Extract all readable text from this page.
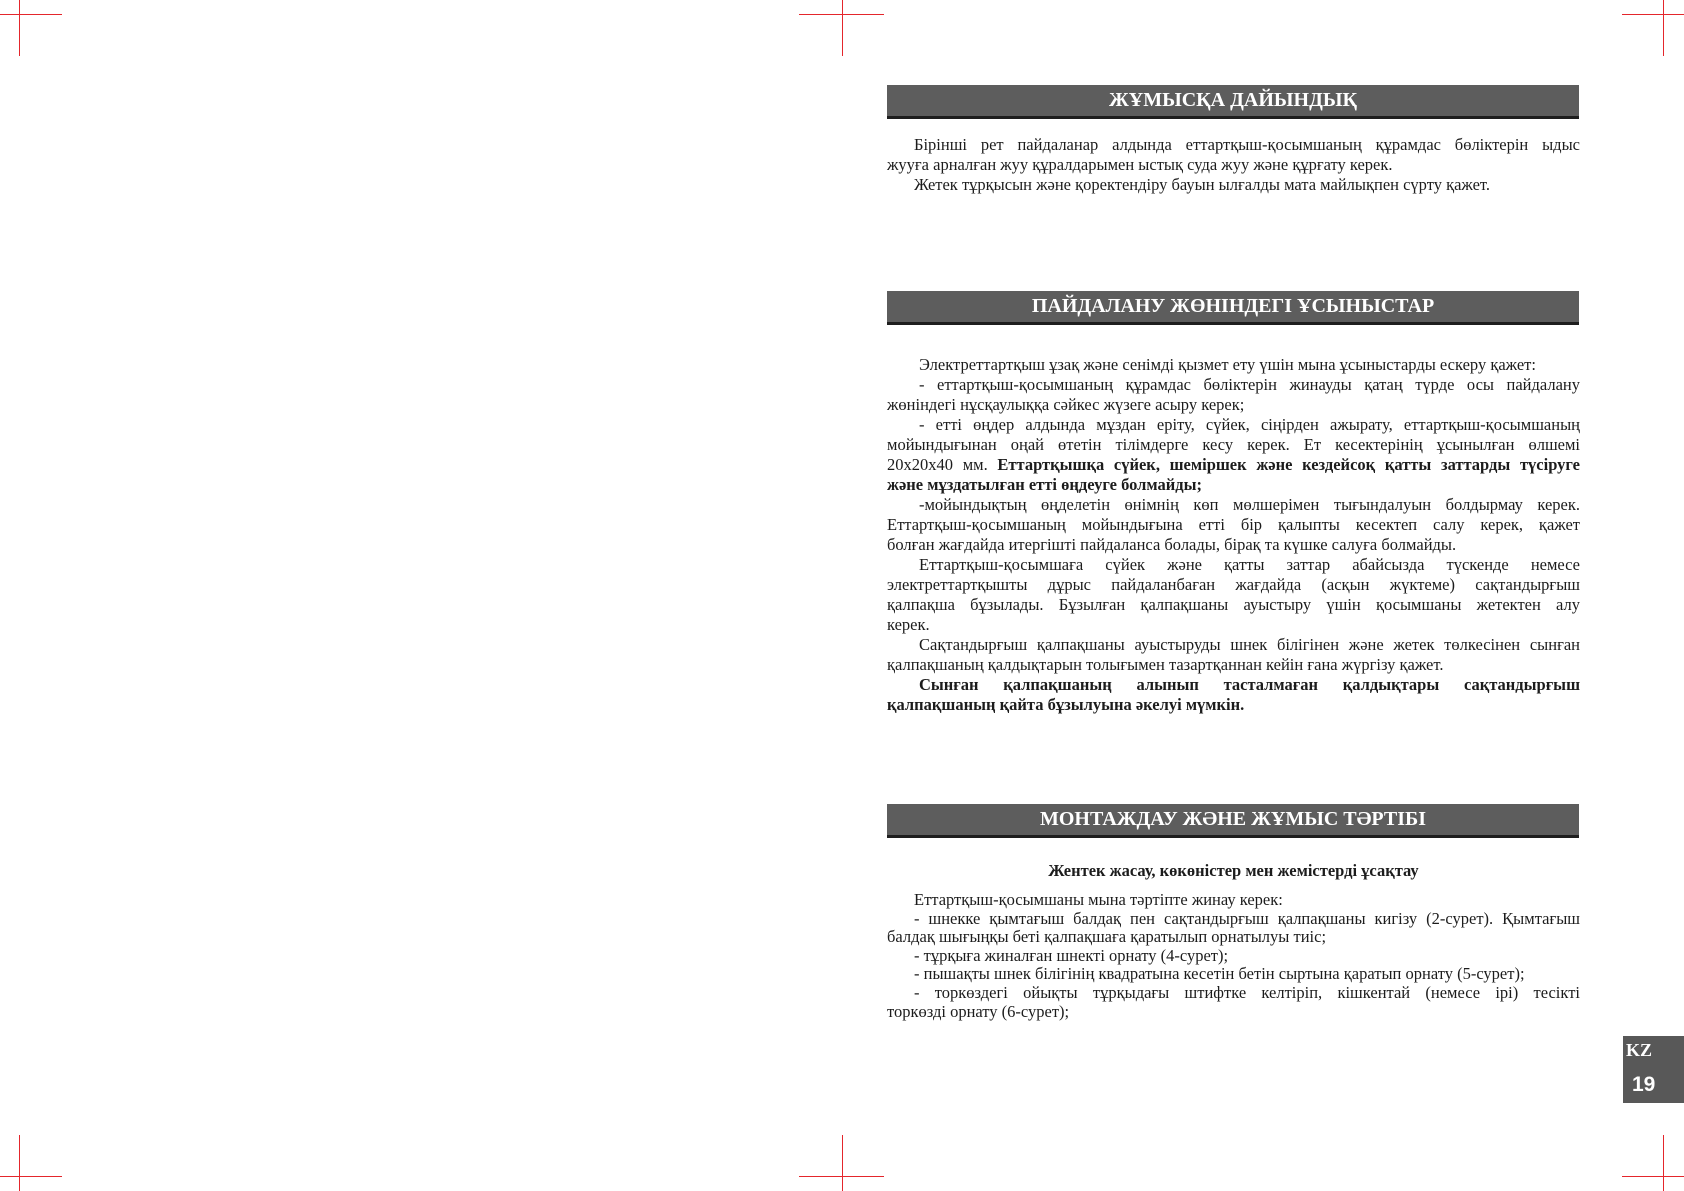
ЖҰМЫСҚА ДАЙЫНДЫҚ
Бірінші рет пайдаланар алдында еттартқыш-қосымшаның құрамдас бөліктерін ыдыс
жууға арналған жуу құралдарымен ыстық суда жуу және құрғату керек.
Жетек тұрқысын және қоректендіру бауын ылғалды мата майлықпен сүрту қажет.
ПАЙДАЛАНУ ЖӨНІНДЕГІ ҰСЫНЫСТАР
Электреттартқыш ұзақ және сенімді қызмет ету үшін мына ұсыныстарды ескеру қажет:
- еттартқыш-қосымшаның құрамдас бөліктерін жинауды қатаң түрде осы пайдалану
жөніндегі нұсқаулыққа сәйкес жүзеге асыру керек;
- етті өңдер алдында мұздан еріту, сүйек, сіңірден ажырату, еттартқыш-қосымшаның
мойындығынан оңай өтетін тілімдерге кесу керек. Ет кесектерінің ұсынылған өлшемі
20х20х40 мм. Еттартқышқа сүйек, шеміршек және кездейсоқ қатты заттарды түсіруге
және мұздатылған етті өңдеуге болмайды;
-мойындықтың өңделетін өнімнің көп мөлшерімен тығындалуын болдырмау керек.
Еттартқыш-қосымшаның мойындығына етті бір қалыпты кесектеп салу керек, қажет
болған жағдайда итергішті пайдаланса болады, бірақ та күшке салуға болмайды.
Еттартқыш-қосымшаға сүйек және қатты заттар абайсызда түскенде немесе
электреттартқышты дұрыс пайдаланбаған жағдайда (асқын жүктеме) сақтандырғыш
қалпақша бұзылады. Бұзылған қалпақшаны ауыстыру үшін қосымшаны жетектен алу
керек.
Сақтандырғыш қалпақшаны ауыстыруды шнек білігінен және жетек төлкесінен сынған
қалпақшаның қалдықтарын толығымен тазартқаннан кейін ғана жүргізу қажет.
Сынған қалпақшаның алынып тасталмаған қалдықтары сақтандырғыш
қалпақшаның қайта бұзылуына әкелуі мүмкін.
МОНТАЖДАУ ЖӘНЕ ЖҰМЫС ТӘРТІБІ
Жентек жасау, көкөністер мен жемістерді ұсақтау
Еттартқыш-қосымшаны мына тәртіпте жинау керек:
- шнекке қымтағыш балдақ пен сақтандырғыш қалпақшаны кигізу (2-сурет). Қымтағыш
балдақ шығыңқы беті қалпақшаға қаратылып орнатылуы тиіс;
- тұрқыға жиналған шнекті орнату (4-сурет);
- пышақты шнек білігінің квадратына кесетін бетін сыртына қаратып орнату (5-сурет);
- торкөздегі ойықты тұрқыдағы штифтке келтіріп, кішкентай (немесе ірі) тесікті
торкөзді орнату (6-сурет);
KZ
19
